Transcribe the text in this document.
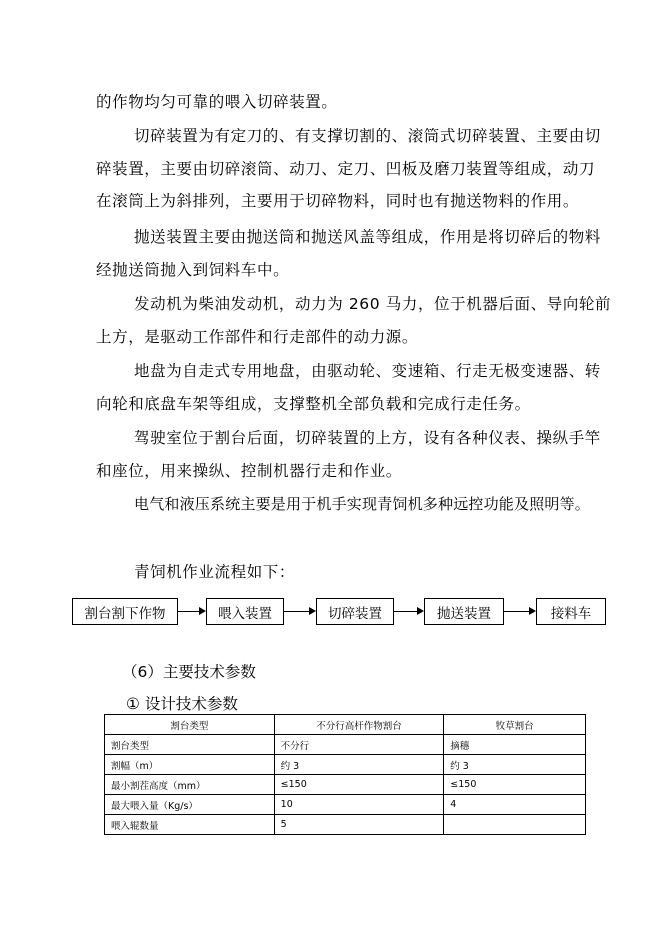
的作物均匀可靠的喂入切碎装置。
切碎装置为有定刀的、有支撑切割的、滚筒式切碎装置、主要由切
碎装置，主要由切碎滚筒、动刀、定刀、凹板及磨刀装置等组成，动刀
在滚筒上为斜排列，主要用于切碎物料，同时也有抛送物料的作用。
抛送装置主要由抛送筒和抛送风盖等组成，作用是将切碎后的物料
经抛送筒抛入到饲料车中。
发动机为柴油发动机，动力为 260 马力，位于机器后面、导向轮前
上方，是驱动工作部件和行走部件的动力源。
地盘为自走式专用地盘，由驱动轮、变速箱、行走无极变速器、转
向轮和底盘车架等组成，支撑整机全部负载和完成行走任务。
驾驶室位于割台后面，切碎装置的上方，设有各种仪表、操纵手竿
和座位，用来操纵、控制机器行走和作业。
电气和液压系统主要是用于机手实现青饲机多种远控功能及照明等。
青饲机作业流程如下：
割台割下作物	喂入装置	切碎装置	抛送装置	接料车
（6）主要技术参数
① 设计技术参数
割台类型	不分行高杆作物割台	牧草割台
割台类型	不分行	摘穗
割幅（m）	约 3	约 3
最小割茬高度（mm）	≤150	≤150
最大喂入量（Kg/s）	10	4
喂入辊数量	5	
